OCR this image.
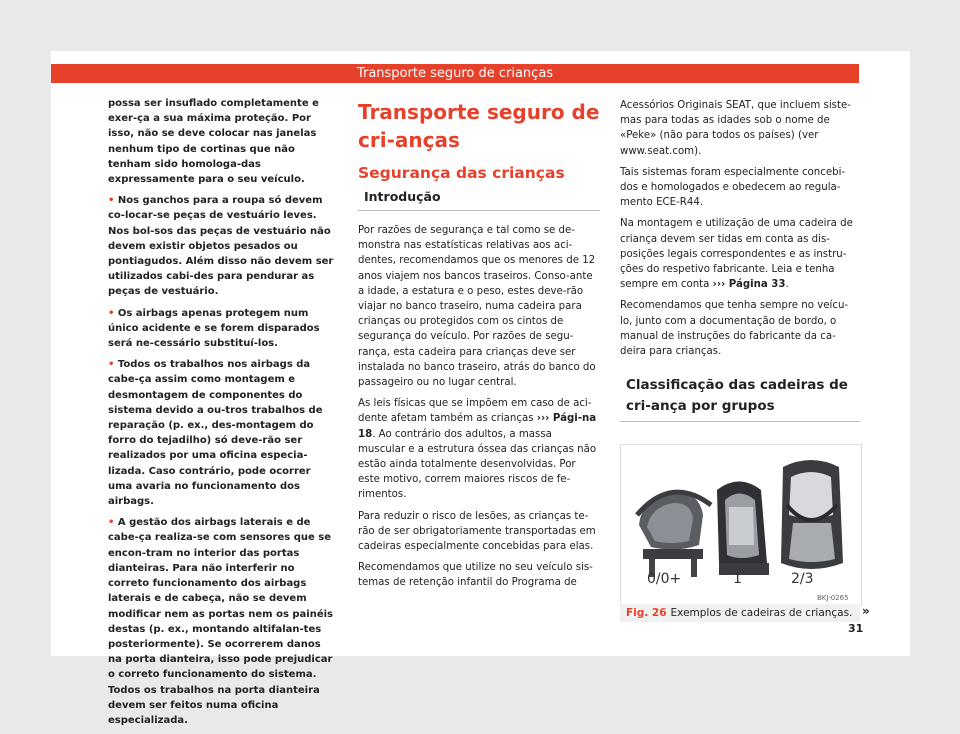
Transporte seguro de crianças

possa ser insuflado completamente e exer-ça a sua máxima proteção. Por isso, não se deve colocar nas janelas nenhum tipo de cortinas que não tenham sido homologa-das expressamente para o seu veículo.

• Nos ganchos para a roupa só devem co-locar-se peças de vestuário leves. Nos bol-sos das peças de vestuário não devem existir objetos pesados ou pontiagudos. Além disso não devem ser utilizados cabi-des para pendurar as peças de vestuário.
• Os airbags apenas protegem num único acidente e se forem disparados será ne-cessário substituí-los.
• Todos os trabalhos nos airbags da cabe-ça assim como montagem e desmontagem de componentes do sistema devido a ou-tros trabalhos de reparação (p. ex., des-montagem do forro do tejadilho) só deve-rão ser realizados por uma oficina especia-lizada. Caso contrário, pode ocorrer uma avaria no funcionamento dos airbags.
• A gestão dos airbags laterais e de cabe-ça realiza-se com sensores que se encon-tram no interior das portas dianteiras. Para não interferir no correto funcionamento dos airbags laterais e de cabeça, não se devem modificar nem as portas nem os painéis destas (p. ex., montando altifalan-tes posteriormente). Se ocorrerem danos na porta dianteira, isso pode prejudicar o correto funcionamento do sistema. Todos os trabalhos na porta dianteira devem ser feitos numa oficina especializada.
Transporte seguro de cri-anças
Segurança das crianças
Introdução

Por razões de segurança e tal como se de-monstra nas estatísticas relativas aos aci-dentes, recomendamos que os menores de 12 anos viajem nos bancos traseiros. Conso-ante a idade, a estatura e o peso, estes deve-rão viajar no banco traseiro, numa cadeira para crianças ou protegidos com os cintos de segurança do veículo. Por razões de segu-rança, esta cadeira para crianças deve ser instalada no banco traseiro, atrás do banco do passageiro ou no lugar central.

As leis físicas que se impõem em caso de aci-dente afetam também as crianças ››› Pági-na 18. Ao contrário dos adultos, a massa muscular e a estrutura óssea das crianças não estão ainda totalmente desenvolvidas. Por este motivo, correm maiores riscos de fe-rimentos.

Para reduzir o risco de lesões, as crianças te-rão de ser obrigatoriamente transportadas em cadeiras especialmente concebidas para elas.

Recomendamos que utilize no seu veículo sis-temas de retenção infantil do Programa de

Acessórios Originais SEAT, que incluem siste-mas para todas as idades sob o nome de «Peke» (não para todos os países) (ver www.seat.com).

Tais sistemas foram especialmente concebi-dos e homologados e obedecem ao regula-mento ECE-R44.

Na montagem e utilização de uma cadeira de criança devem ser tidas em conta as dis-posições legais correspondentes e as instru-ções do respetivo fabricante. Leia e tenha sempre em conta ››› Página 33.

Recomendamos que tenha sempre no veícu-lo, junto com a documentação de bordo, o manual de instruções do fabricante da ca-deira para crianças.

Classificação das cadeiras de cri-ança por grupos
0/0+	1	2/3
BKJ-0265
Fig. 26 Exemplos de cadeiras de crianças. »
31
